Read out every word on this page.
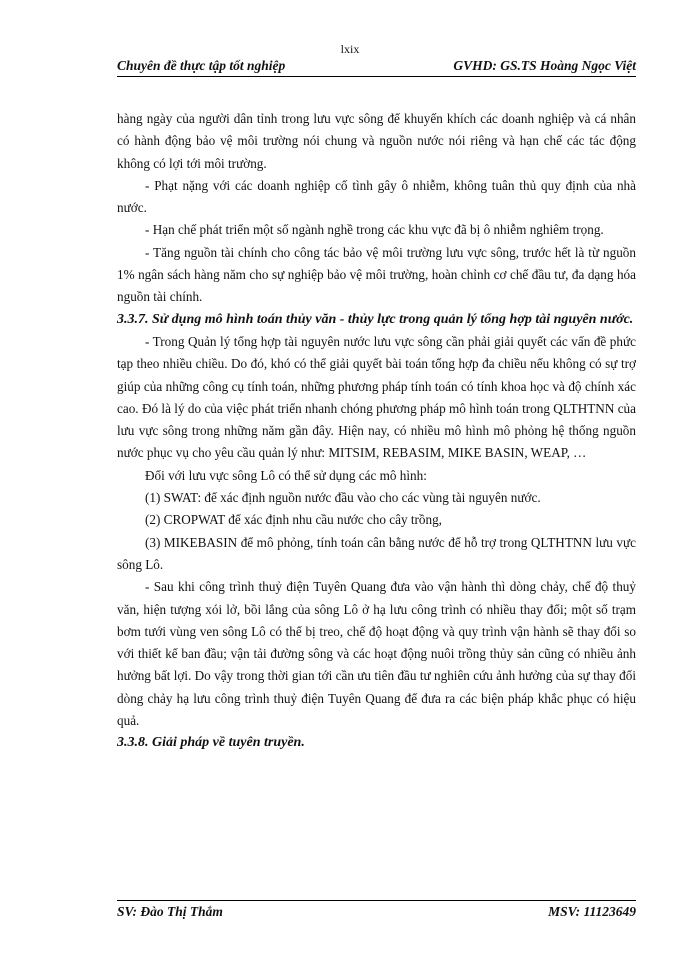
lxix
Chuyên đề thực tập tốt nghiệp	GVHD: GS.TS Hoàng Ngọc Việt

hàng ngày của người dân tỉnh trong lưu vực sông để khuyến khích các doanh nghiệp và cá nhân có hành động bảo vệ môi trường nói chung và nguồn nước nói riêng và hạn chế các tác động không có lợi tới môi trường.

- Phạt nặng với các doanh nghiệp cố tình gây ô nhiễm, không tuân thủ quy định của nhà nước.

- Hạn chế phát triển một số ngành nghề trong các khu vực đã bị ô nhiễm nghiêm trọng.

- Tăng nguồn tài chính cho công tác bảo vệ môi trường lưu vực sông, trước hết là từ nguồn 1% ngân sách hàng năm cho sự nghiệp bảo vệ môi trường, hoàn chỉnh cơ chế đầu tư, đa dạng hóa nguồn tài chính.

3.3.7. Sử dụng mô hình toán thủy văn - thủy lực trong quản lý tổng hợp tài nguyên nước.

- Trong Quản lý tổng hợp tài nguyên nước lưu vực sông cần phải giải quyết các vấn đề phức tạp theo nhiều chiều. Do đó, khó có thể giải quyết bài toán tổng hợp đa chiều nếu không có sự trợ giúp của những công cụ tính toán, những phương pháp tính toán có tính khoa học và độ chính xác cao. Đó là lý do của việc phát triển nhanh chóng phương pháp mô hình toán trong QLTHTNN của lưu vực sông trong những năm gần đây. Hiện nay, có nhiều mô hình mô phỏng hệ thống nguồn nước phục vụ cho yêu cầu quản lý như: MITSIM, REBASIM, MIKE BASIN, WEAP, …

Đối với lưu vực sông Lô có thể sử dụng các mô hình:

(1) SWAT: để xác định nguồn nước đầu vào cho các vùng tài nguyên nước.

(2) CROPWAT để xác định nhu cầu nước cho cây trồng,

(3) MIKEBASIN để mô phỏng, tính toán cân bằng nước để hỗ trợ trong QLTHTNN lưu vực sông Lô.

- Sau khi công trình thuỷ điện Tuyên Quang đưa vào vận hành thì dòng chảy, chế độ thuỷ văn, hiện tượng xói lở, bồi lắng của sông Lô ở hạ lưu công trình có nhiều thay đổi; một số trạm bơm tưới vùng ven sông Lô có thể bị treo, chế độ hoạt động và quy trình vận hành sẽ thay đổi so với thiết kế ban đầu; vận tải đường sông và các hoạt động nuôi trồng thủy sản cũng có nhiều ảnh hưởng bất lợi. Do vậy trong thời gian tới cần ưu tiên đầu tư nghiên cứu ảnh hưởng của sự thay đổi dòng chảy hạ lưu công trình thuỷ điện Tuyên Quang để đưa ra các biện pháp khắc phục có hiệu quả.

3.3.8. Giải pháp về tuyên truyền.

SV: Đào Thị Thắm	MSV: 11123649
